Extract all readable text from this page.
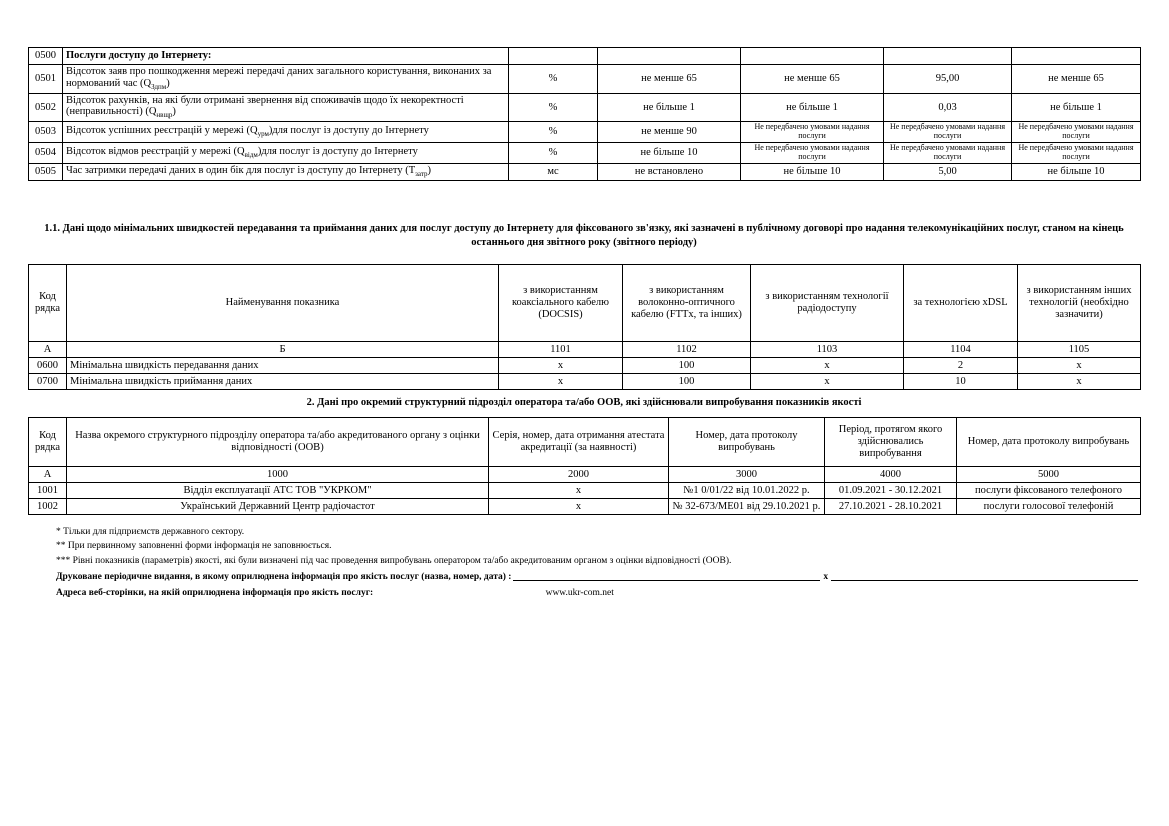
0500	Послуги доступу до Інтернету:					
0501	Відсоток заяв про пошкодження мережі передачі даних загального користування, виконаних за нормований час $(Q_{Здпм})$	%	не менше 65	не менше 65	95,00	не менше 65
0502	Відсоток рахунків, на які були отримані звернення від споживачів щодо їх некоректності (неправильності) $(Q_{нвщр})$	%	не більше 1	не більше 1	0,03	не більше 1
0503	Відсоток успішних реєстрацій у мережі $(Q_{урм})для$ послуг із доступу до Інтернету	%	не менше 90	Не передбачено умовами надання послуги	Не передбачено умовами надання послуги	Не передбачено умовами надання послуги
0504	Відсоток відмов реєстрацій у мережі $(Q_{відм})для$ послуг із доступу до Інтернету	%	не більше 10	Не передбачено умовами надання послуги	Не передбачено умовами надання послуги	Не передбачено умовами надання послуги
0505	Час затримки передачі даних в один бік для послуг із доступу до Інтернету $(Т_{затр})$	мс	не встановлено	не більше 10	5,00	не більше 10
1.1. Дані щодо мінімальних швидкостей передавання та приймання даних для послуг доступу до Інтернету для фіксованого зв'язку, які зазначені в публічному договорі про надання телекомунікаційних послуг, станом на кінець останнього дня звітного року (звітного періоду)
Код рядка	Найменування показника	з використанням коаксіального кабелю (DOCSIS)	з використанням волоконно-оптичного кабелю (FTTx, та інших)	з використанням технології радіодоступу	за технологією xDSL	з використанням інших технологій (необхідно зазначити)
А	Б	1101	1102	1103	1104	1105
0600	Мінімальна швидкість передавання даних	х	100	х	2	х
0700	Мінімальна швидкість приймання даних	х	100	х	10	х
2. Дані про окремий структурний підрозділ оператора та/або ООВ, які здійснювали випробування показників якості
Код рядка	Назва окремого структурного підрозділу оператора та/або акредитованого органу з оцінки відповідності (ООВ)	Серія, номер, дата отримання атестата акредитації (за наявності)	Номер, дата протоколу випробувань	Період, протягом якого здійснювались випробування	Номер, дата протоколу випробувань
А	1000	2000	3000	4000	5000
1001	Відділ експлуатації АТС ТОВ "УКРКОМ"	х	№1 0/01/22 від 10.01.2022 р.	01.09.2021 - 30.12.2021	послуги фіксованого телефоного
1002	Український Державний Центр радіочастот	х	№ 32-673/МЕ01 від 29.10.2021 р.	27.10.2021 - 28.10.2021	послуги голосової телефоній
* Тільки для підприємств державного сектору.
** При первинному заповненні форми інформація не заповнюється.
*** Рівні показників (параметрів) якості, які були визначені під час проведення випробувань оператором та/або акредитованим органом з оцінки відповідності (ООВ).
Друковане періодичне видання, в якому оприлюднена інформація про якість послуг (назва, номер, дата) :	х
Адреса веб-сторінки, на якій оприлюднена інформація про якість послуг:	www.ukr-com.net
